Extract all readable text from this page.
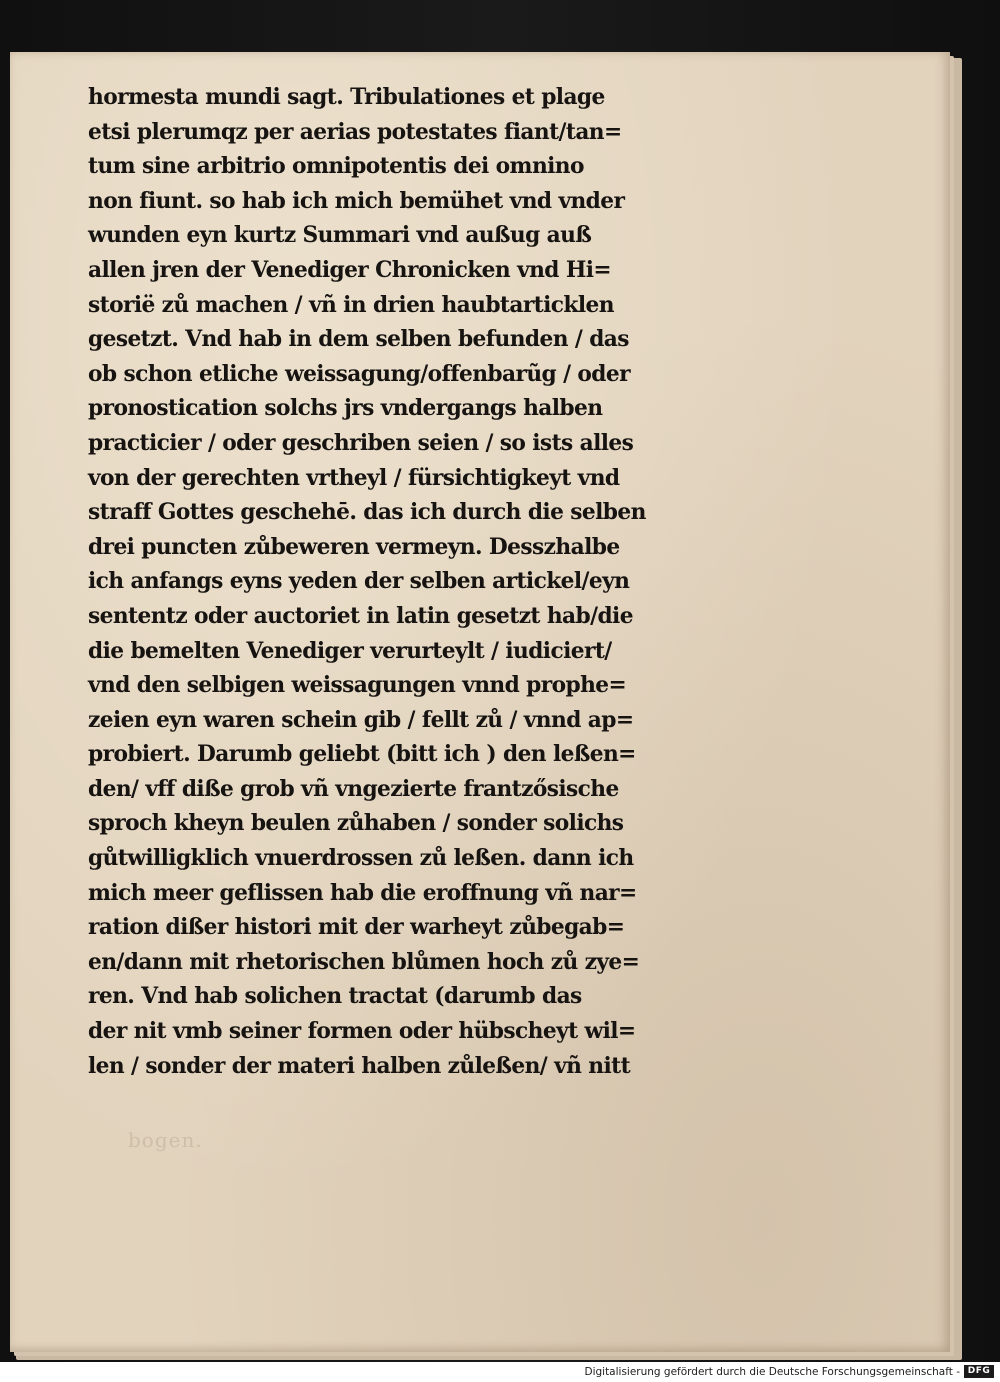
hormesta mundi sagt. Tribulationes et plage
etsi plerumqz per aerias potestates fiant/tan=
tum sine arbitrio omnipotentis dei omnino
non fiunt. so hab ich mich bemühet vnd vnder
wunden eyn kurtz Summari vnd außug auß
allen jren der Venediger Chronicken vnd Hi=
storië zů machen / vñ in drien haubtarticklen
gesetzt. Vnd hab in dem selben befunden / das
ob schon etliche weissagung/offenbarũg / oder
pronostication solchs jrs vndergangs halben
practicier / oder geschriben seien / so ists alles
von der gerechten vrtheyl / fürsichtigkeyt vnd
straff Gottes geschehē. das ich durch die selben
drei puncten zůbeweren vermeyn. Desszhalbe
ich anfangs eyns yeden der selben artickel/eyn
sententz oder auctoriet in latin gesetzt hab/die
die bemelten Venediger verurteylt / iudiciert/
vnd den selbigen weissagungen vnnd prophe=
zeien eyn waren schein gib / fellt zů / vnnd ap=
probiert. Darumb geliebt (bitt ich ) den leßen=
den/ vff diße grob vñ vngezierte frantzősische
sproch kheyn beulen zůhaben / sonder solichs
gůtwilligklich vnuerdrossen zů leßen. dann ich
mich meer geflissen hab die eroffnung vñ nar=
ration dißer histori mit der warheyt zůbegab=
en/dann mit rhetorischen blůmen hoch zů zye=
ren. Vnd hab solichen tractat (darumb das
der nit vmb seiner formen oder hübscheyt wil=
len / sonder der materi halben zůleßen/ vñ nitt
bogen.
Digitalisierung gefördert durch die Deutsche Forschungsgemeinschaft - DFG
